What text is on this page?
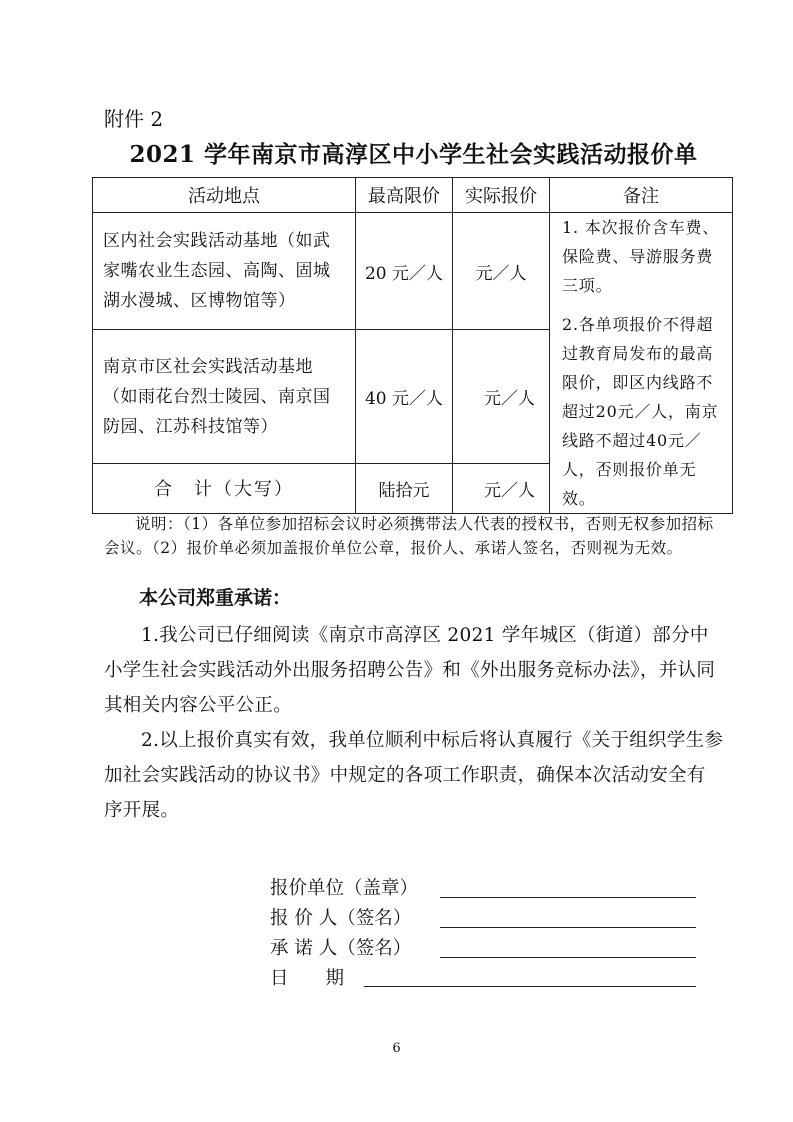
附件 2
2021 学年南京市高淳区中小学生社会实践活动报价单
活动地点	最高限价	实际报价	备注
区内社会实践活动基地（如武家嘴农业生态园、高陶、固城湖水漫城、区博物馆等）	20 元／人	元／人	1. 本次报价含车费、保险费、导游服务费三项。

2.各单项报价不得超过教育局发布的最高限价，即区内线路不超过20元／人，南京线路不超过40元／人，否则报价单无效。

南京市区社会实践活动基地（如雨花台烈士陵园、南京国防园、江苏科技馆等）	40 元／人	元／人	
合　计（大写）	陆拾元	元／人	
说明：（1）各单位参加招标会议时必须携带法人代表的授权书，否则无权参加招标会议。（2）报价单必须加盖报价单位公章，报价人、承诺人签名，否则视为无效。
本公司郑重承诺：
1.我公司已仔细阅读《南京市高淳区 2021 学年城区（街道）部分中小学生社会实践活动外出服务招聘公告》和《外出服务竞标办法》，并认同其相关内容公平公正。
2.以上报价真实有效，我单位顺利中标后将认真履行《关于组织学生参加社会实践活动的协议书》中规定的各项工作职责，确保本次活动安全有序开展。
报价单位（盖章）
报 价 人（签名）
承 诺 人（签名）
日　　期
6
